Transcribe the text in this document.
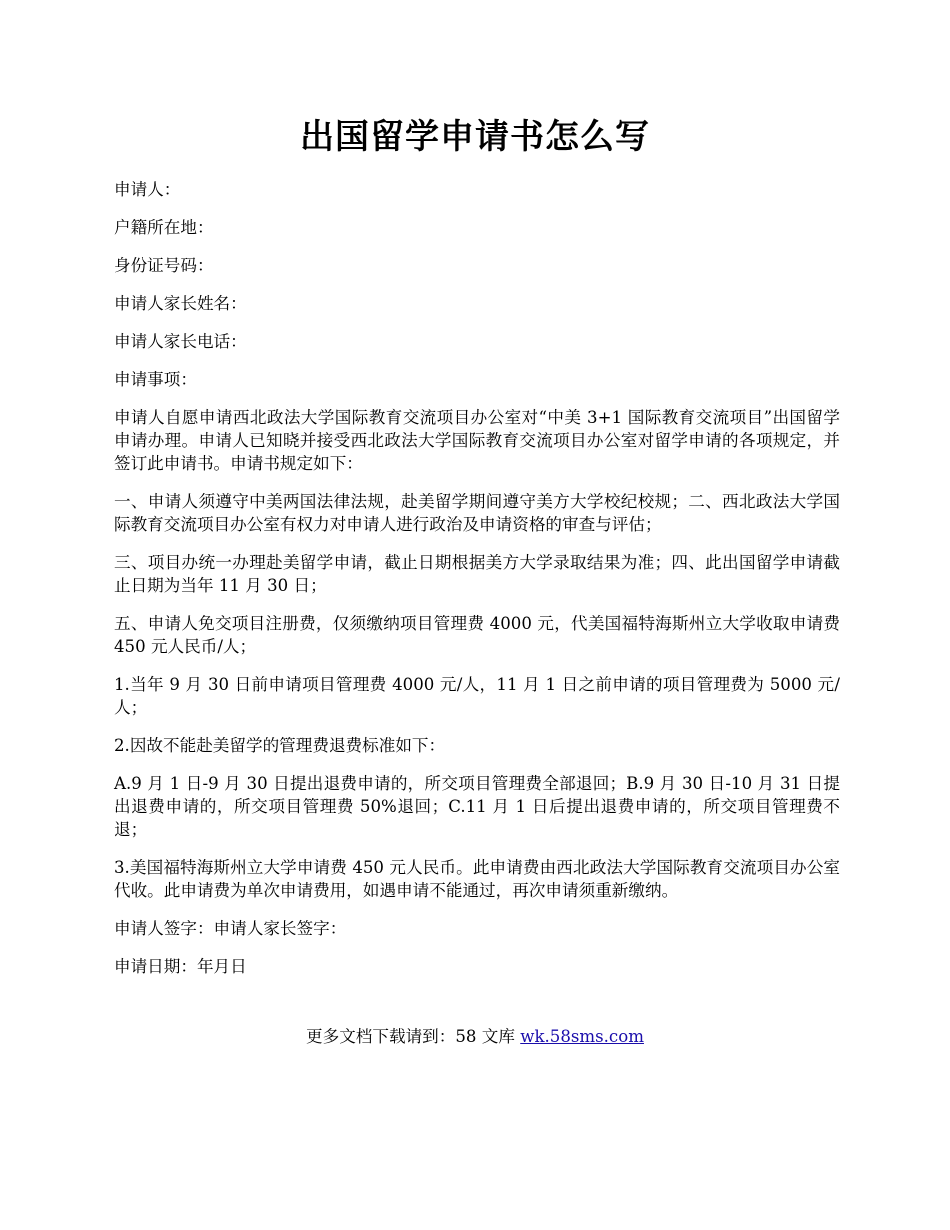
出国留学申请书怎么写

申请人：

户籍所在地：

身份证号码：

申请人家长姓名：

申请人家长电话：

申请事项：

申请人自愿申请西北政法大学国际教育交流项目办公室对“中美 3+1 国际教育交流项目”出国留学申请办理。申请人已知晓并接受西北政法大学国际教育交流项目办公室对留学申请的各项规定，并签订此申请书。申请书规定如下：

一、申请人须遵守中美两国法律法规，赴美留学期间遵守美方大学校纪校规；二、西北政法大学国际教育交流项目办公室有权力对申请人进行政治及申请资格的审查与评估；

三、项目办统一办理赴美留学申请，截止日期根据美方大学录取结果为准；四、此出国留学申请截止日期为当年 11 月 30 日；

五、申请人免交项目注册费，仅须缴纳项目管理费 4000 元，代美国福特海斯州立大学收取申请费 450 元人民币/人；

1.当年 9 月 30 日前申请项目管理费 4000 元/人，11 月 1 日之前申请的项目管理费为 5000 元/人；

2.因故不能赴美留学的管理费退费标准如下：

A.9 月 1 日-9 月 30 日提出退费申请的，所交项目管理费全部退回；B.9 月 30 日-10 月 31 日提出退费申请的，所交项目管理费 50%退回；C.11 月 1 日后提出退费申请的，所交项目管理费不退；

3.美国福特海斯州立大学申请费 450 元人民币。此申请费由西北政法大学国际教育交流项目办公室代收。此申请费为单次申请费用，如遇申请不能通过，再次申请须重新缴纳。

申请人签字：申请人家长签字：

申请日期：年月日

更多文档下载请到：58 文库 wk.58sms.com
